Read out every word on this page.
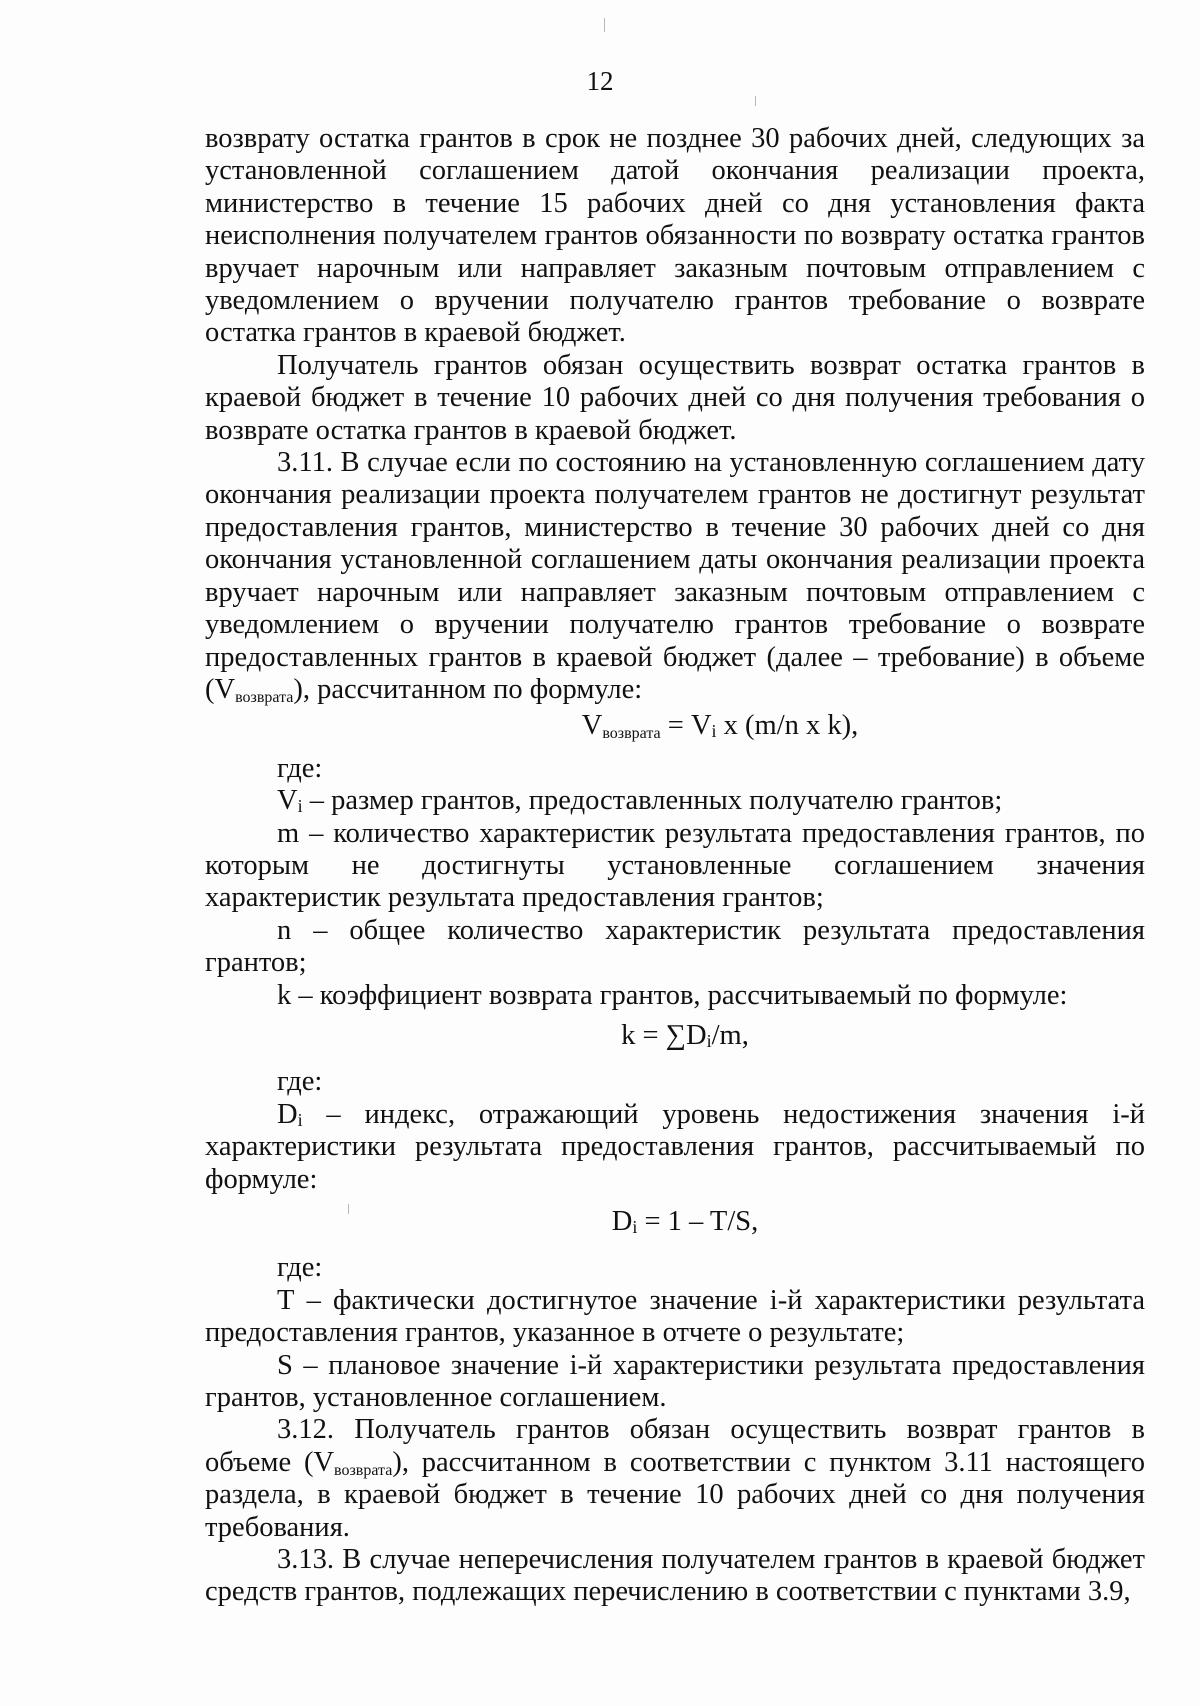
12

возврату остатка грантов в срок не позднее 30 рабочих дней, следующих за установленной соглашением датой окончания реализации проекта, министерство в течение 15 рабочих дней со дня установления факта неисполнения получателем грантов обязанности по возврату остатка грантов вручает нарочным или направляет заказным почтовым отправлением с уведомлением о вручении получателю грантов требование о возврате остатка грантов в краевой бюджет.

Получатель грантов обязан осуществить возврат остатка грантов в краевой бюджет в течение 10 рабочих дней со дня получения требования о возврате остатка грантов в краевой бюджет.

3.11. В случае если по состоянию на установленную соглашением дату окончания реализации проекта получателем грантов не достигнут результат предоставления грантов, министерство в течение 30 рабочих дней со дня окончания установленной соглашением даты окончания реализации проекта вручает нарочным или направляет заказным почтовым отправлением с уведомлением о вручении получателю грантов требование о возврате предоставленных грантов в краевой бюджет (далее – требование) в объеме $(V_{возврата})$, рассчитанном по формуле:

$V_{возврата} = V_i$ x (m/n x k),

где:

$V_i$ – размер грантов, предоставленных получателю грантов;

m – количество характеристик результата предоставления грантов, по которым не достигнуты установленные соглашением значения характеристик результата предоставления грантов;

n – общее количество характеристик результата предоставления грантов;

k – коэффициент возврата грантов, рассчитываемый по формуле:

$k = \sum D_i/m$,

где:

$D_i$ – индекс, отражающий уровень недостижения значения i-й характеристики результата предоставления грантов, рассчитываемый по формуле:

$D_i = 1 - T/S$,

где:

Т – фактически достигнутое значение i-й характеристики результата предоставления грантов, указанное в отчете о результате;

S – плановое значение i-й характеристики результата предоставления грантов, установленное соглашением.

3.12. Получатель грантов обязан осуществить возврат грантов в объеме $(V_{возврата})$, рассчитанном в соответствии с пунктом 3.11 настоящего раздела, в краевой бюджет в течение 10 рабочих дней со дня получения требования.

3.13. В случае неперечисления получателем грантов в краевой бюджет средств грантов, подлежащих перечислению в соответствии с пунктами 3.9,
